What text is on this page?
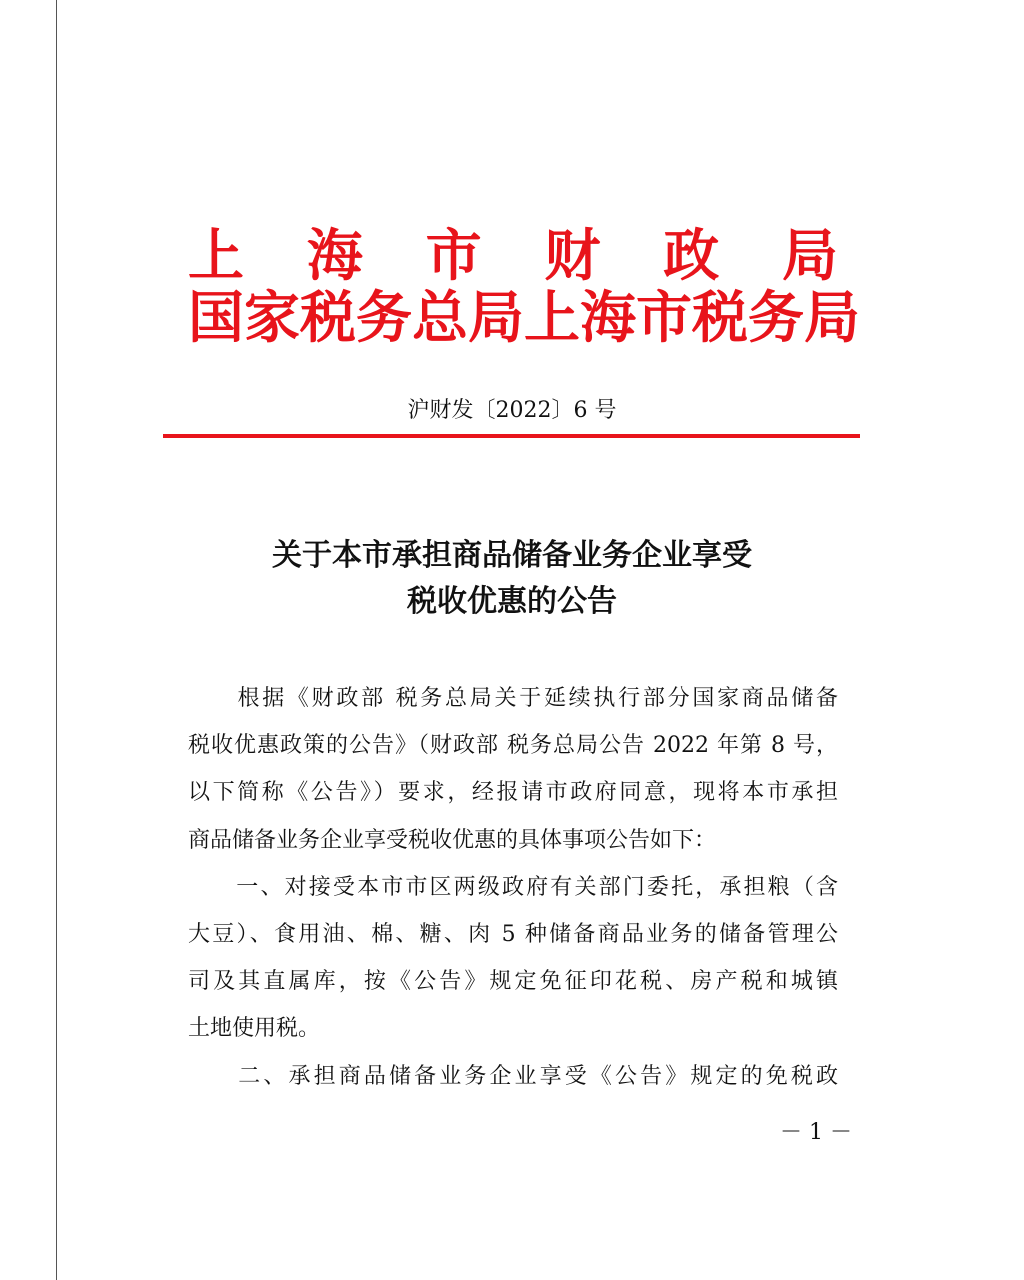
上海市财政局
国家税务总局上海市税务局
沪财发〔2022〕6 号
关于本市承担商品储备业务企业享受
税收优惠的公告
　　根据《财政部 税务总局关于延续执行部分国家商品储备
税收优惠政策的公告》（财政部 税务总局公告 2022 年第 8 号，
以下简称《公告》）要求，经报请市政府同意，现将本市承担
商品储备业务企业享受税收优惠的具体事项公告如下：
　　一、对接受本市市区两级政府有关部门委托，承担粮（含
大豆）、食用油、棉、糖、肉 5 种储备商品业务的储备管理公
司及其直属库，按《公告》规定免征印花税、房产税和城镇
土地使用税。
　　二、承担商品储备业务企业享受《公告》规定的免税政
－ 1 －
